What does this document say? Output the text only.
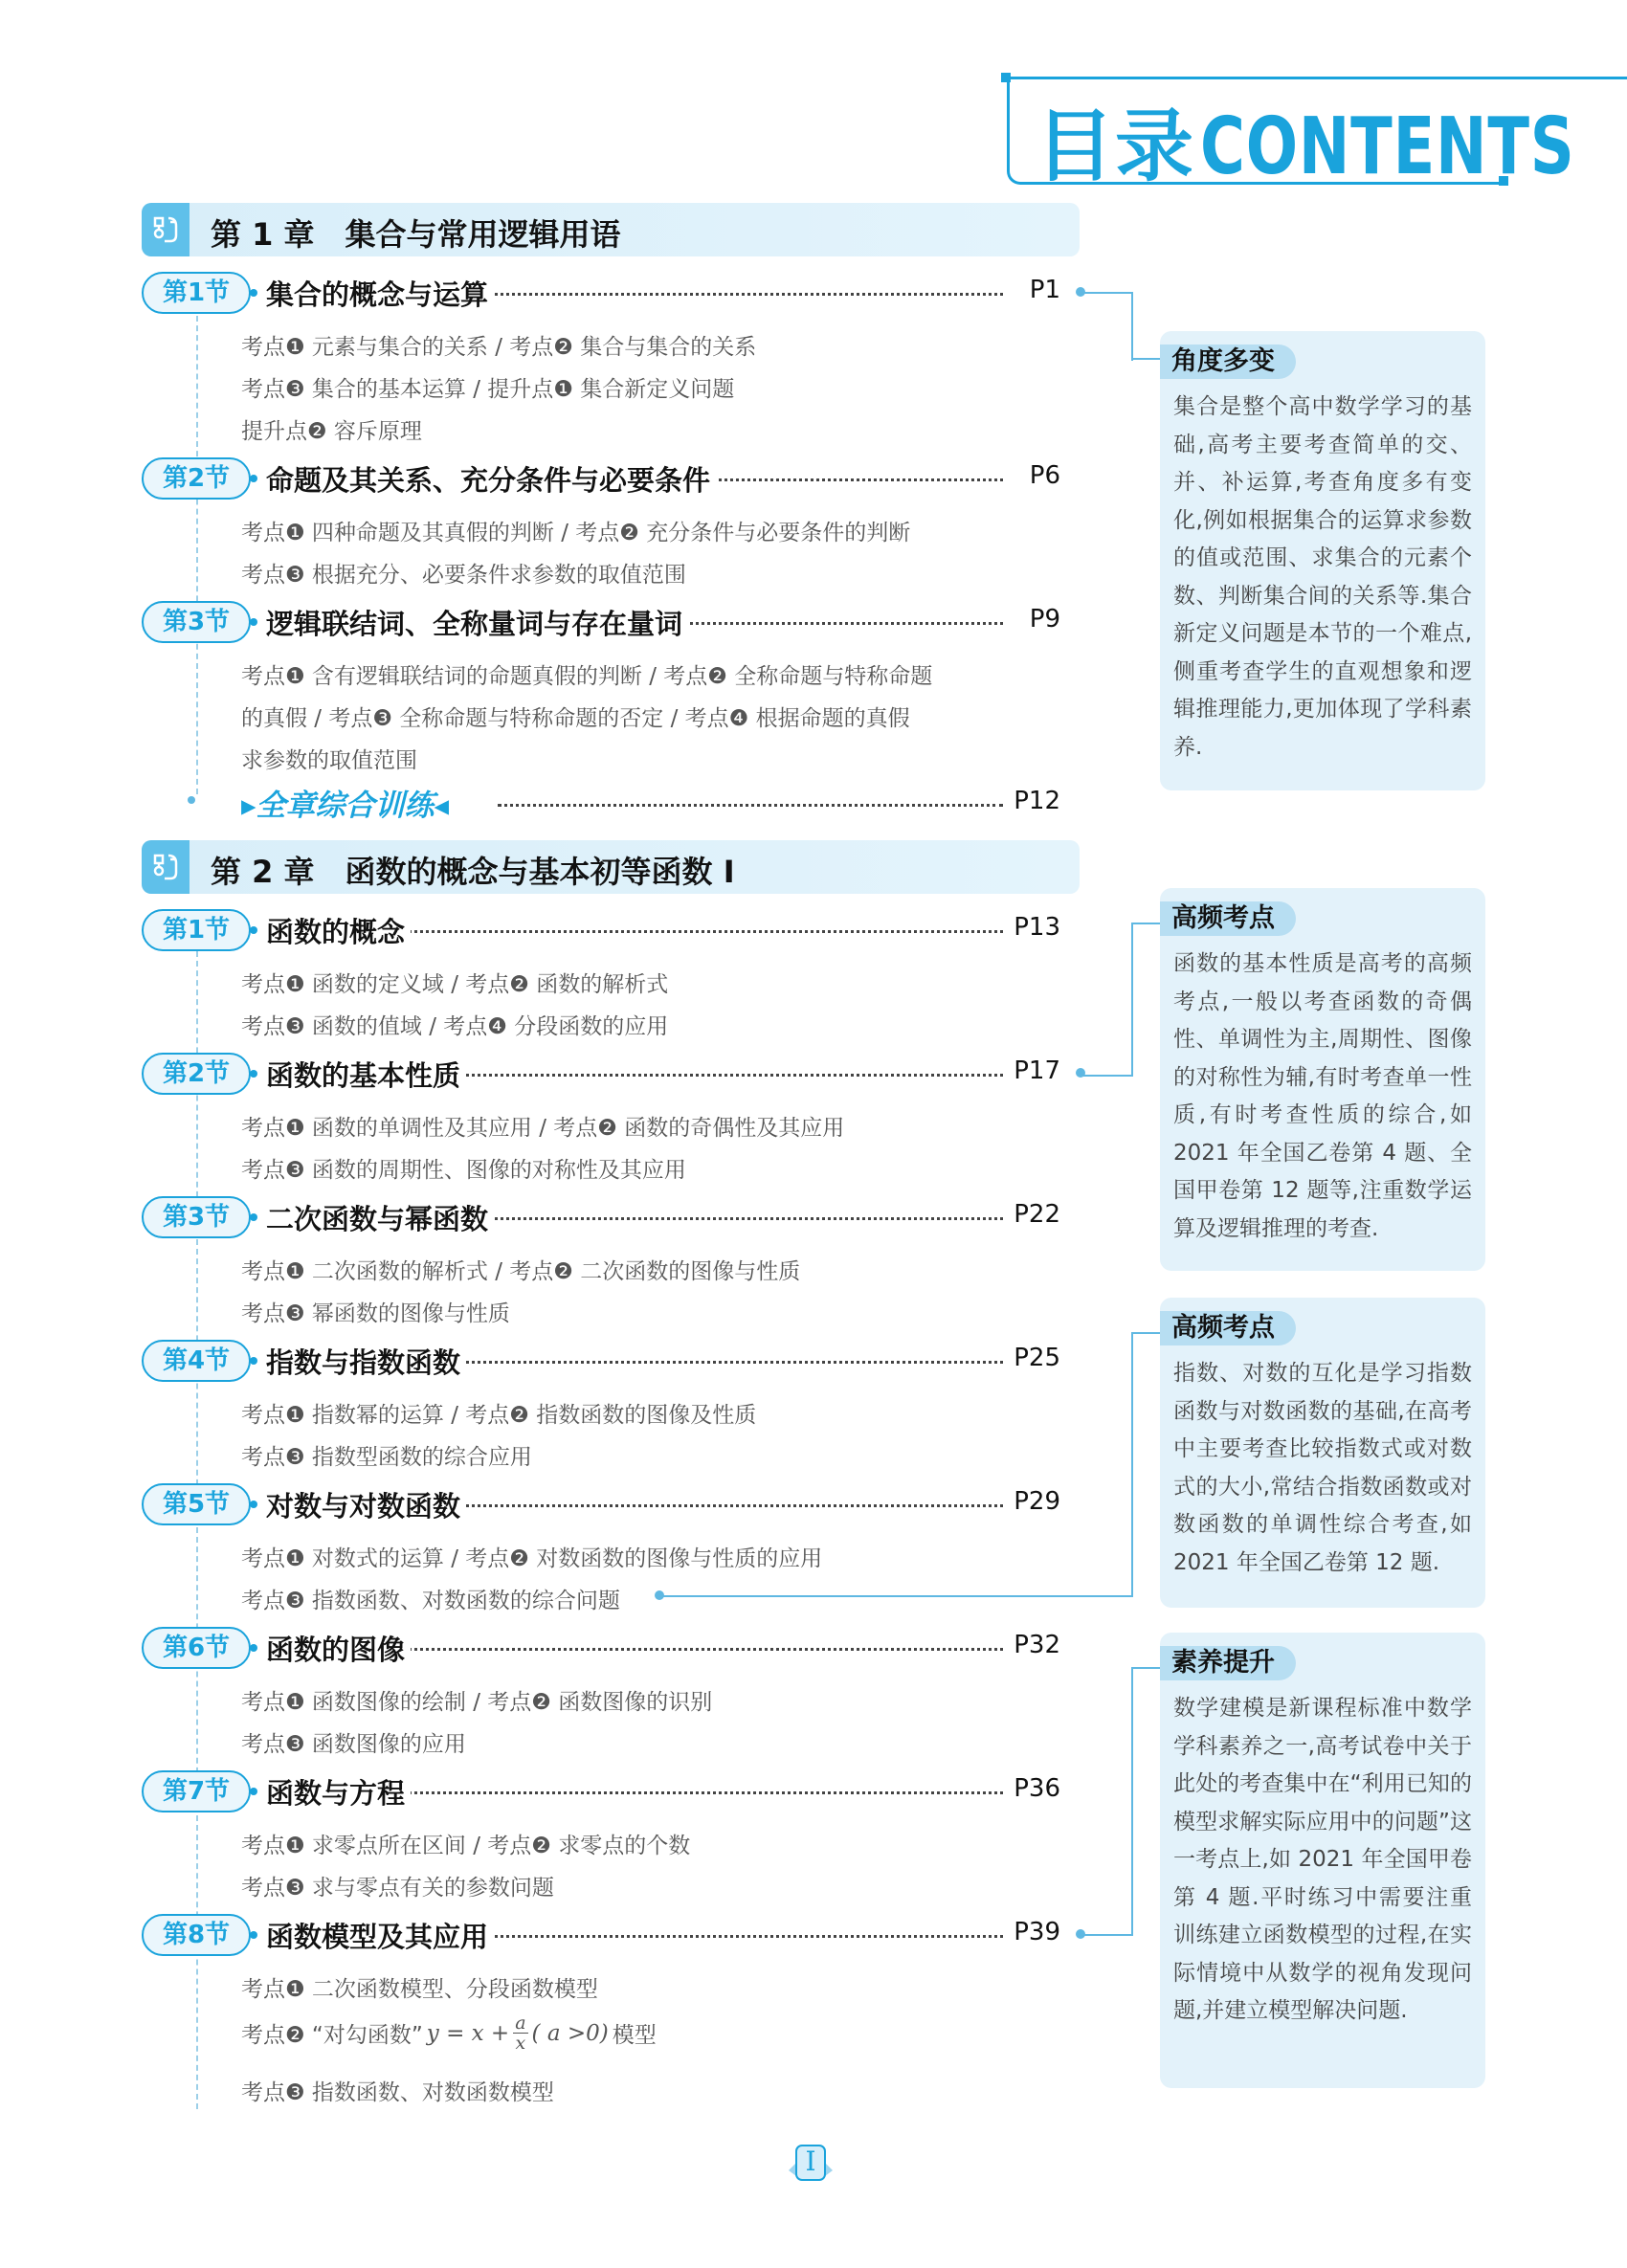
目录CONTENTS
第 1 章　集合与常用逻辑用语
第1节	集合的概念与运算	P1
考点❶ 元素与集合的关系 / 考点❷ 集合与集合的关系
考点❸ 集合的基本运算 / 提升点❶ 集合新定义问题
提升点❷ 容斥原理
第2节	命题及其关系、充分条件与必要条件	P6
考点❶ 四种命题及其真假的判断 / 考点❷ 充分条件与必要条件的判断
考点❸ 根据充分、必要条件求参数的取值范围
第3节	逻辑联结词、全称量词与存在量词	P9
考点❶ 含有逻辑联结词的命题真假的判断 / 考点❷ 全称命题与特称命题
的真假 / 考点❸ 全称命题与特称命题的否定 / 考点❹ 根据命题的真假
求参数的取值范围
▸全章综合训练◂	P12
第 2 章　函数的概念与基本初等函数 Ⅰ
第1节	函数的概念	P13
考点❶ 函数的定义域 / 考点❷ 函数的解析式
考点❸ 函数的值域 / 考点❹ 分段函数的应用
第2节	函数的基本性质	P17
考点❶ 函数的单调性及其应用 / 考点❷ 函数的奇偶性及其应用
考点❸ 函数的周期性、图像的对称性及其应用
第3节	二次函数与幂函数	P22
考点❶ 二次函数的解析式 / 考点❷ 二次函数的图像与性质
考点❸ 幂函数的图像与性质
第4节	指数与指数函数	P25
考点❶ 指数幂的运算 / 考点❷ 指数函数的图像及性质
考点❸ 指数型函数的综合应用
第5节	对数与对数函数	P29
考点❶ 对数式的运算 / 考点❷ 对数函数的图像与性质的应用
考点❸ 指数函数、对数函数的综合问题
第6节	函数的图像	P32
考点❶ 函数图像的绘制 / 考点❷ 函数图像的识别
考点❸ 函数图像的应用
第7节	函数与方程	P36
考点❶ 求零点所在区间 / 考点❷ 求零点的个数
考点❸ 求与零点有关的参数问题
第8节	函数模型及其应用	P39
考点❶ 二次函数模型、分段函数模型
考点❷ “对勾函数” $y = x + \frac{a}{x}$ ( a >0) 模型
考点❸ 指数函数、对数函数模型
角度多变
集合是整个高中数学学习的基础,高考主要考查简单的交、并、补运算,考查角度多有变化,例如根据集合的运算求参数的值或范围、求集合的元素个数、判断集合间的关系等.集合新定义问题是本节的一个难点,侧重考查学生的直观想象和逻辑推理能力,更加体现了学科素养.
高频考点
函数的基本性质是高考的高频考点,一般以考查函数的奇偶性、单调性为主,周期性、图像的对称性为辅,有时考查单一性质,有时考查性质的综合,如 2021 年全国乙卷第 4 题、全国甲卷第 12 题等,注重数学运算及逻辑推理的考查.
高频考点
指数、对数的互化是学习指数函数与对数函数的基础,在高考中主要考查比较指数式或对数式的大小,常结合指数函数或对数函数的单调性综合考查,如 2021 年全国乙卷第 12 题.
素养提升
数学建模是新课程标准中数学学科素养之一,高考试卷中关于此处的考查集中在“利用已知的模型求解实际应用中的问题”这一考点上,如 2021 年全国甲卷第 4 题.平时练习中需要注重训练建立函数模型的过程,在实际情境中从数学的视角发现问题,并建立模型解决问题.
Ⅰ
